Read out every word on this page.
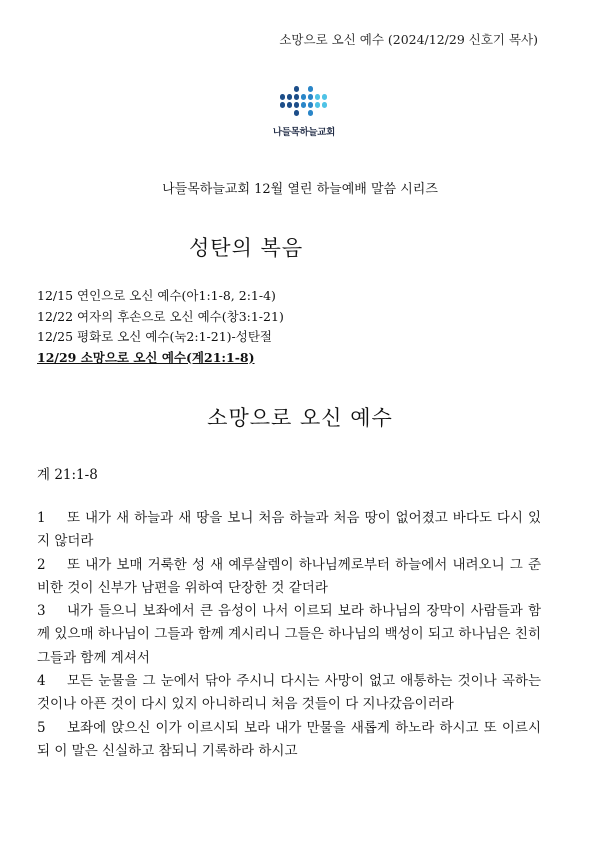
소망으로 오신 예수 (2024/12/29 신호기 목사)
나들목하늘교회
나들목하늘교회 12월 열린 하늘예배 말씀 시리즈
성탄의 복음
12/15 연인으로 오신 예수(아1:1-8, 2:1-4)
12/22 여자의 후손으로 오신 예수(창3:1-21)
12/25 평화로 오신 예수(눅2:1-21)-성탄절
12/29 소망으로 오신 예수(계21:1-8)
소망으로 오신 예수
계 21:1-8
1 또 내가 새 하늘과 새 땅을 보니 처음 하늘과 처음 땅이 없어졌고 바다도 다시 있지 않더라
2 또 내가 보매 거룩한 성 새 예루살렘이 하나님께로부터 하늘에서 내려오니 그 준비한 것이 신부가 남편을 위하여 단장한 것 같더라
3 내가 들으니 보좌에서 큰 음성이 나서 이르되 보라 하나님의 장막이 사람들과 함께 있으매 하나님이 그들과 함께 계시리니 그들은 하나님의 백성이 되고 하나님은 친히 그들과 함께 계셔서
4 모든 눈물을 그 눈에서 닦아 주시니 다시는 사망이 없고 애통하는 것이나 곡하는 것이나 아픈 것이 다시 있지 아니하리니 처음 것들이 다 지나갔음이러라
5 보좌에 앉으신 이가 이르시되 보라 내가 만물을 새롭게 하노라 하시고 또 이르시되 이 말은 신실하고 참되니 기록하라 하시고
